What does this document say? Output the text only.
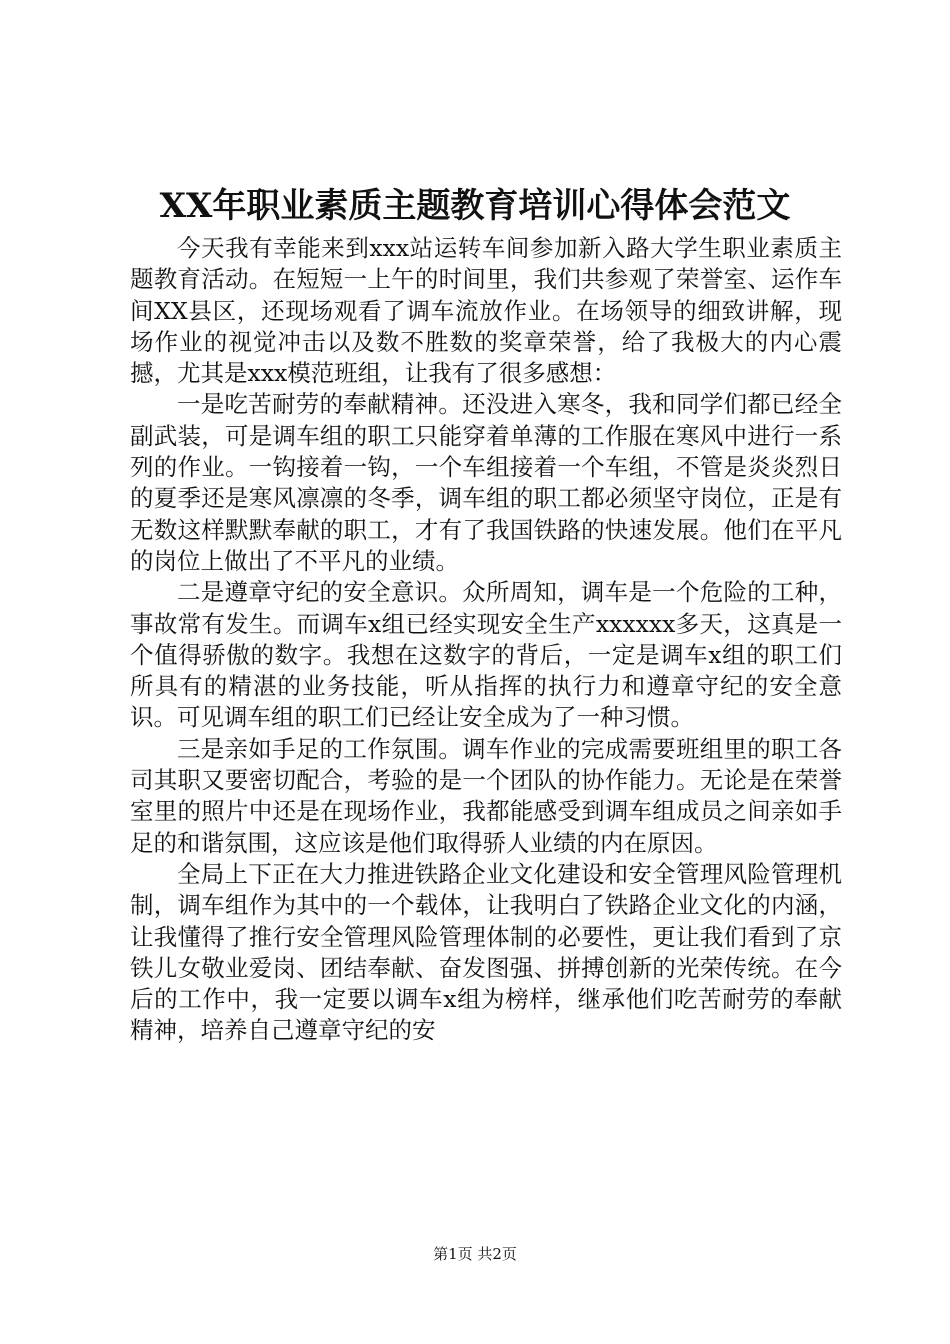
XX年职业素质主题教育培训心得体会范文

今天我有幸能来到xxx站运转车间参加新入路大学生职业素质主题教育活动。在短短一上午的时间里，我们共参观了荣誉室、运作车间XX县区，还现场观看了调车流放作业。在场领导的细致讲解，现场作业的视觉冲击以及数不胜数的奖章荣誉，给了我极大的内心震撼，尤其是xxx模范班组，让我有了很多感想：

一是吃苦耐劳的奉献精神。还没进入寒冬，我和同学们都已经全副武装，可是调车组的职工只能穿着单薄的工作服在寒风中进行一系列的作业。一钩接着一钩，一个车组接着一个车组，不管是炎炎烈日的夏季还是寒风凛凛的冬季，调车组的职工都必须坚守岗位，正是有无数这样默默奉献的职工，才有了我国铁路的快速发展。他们在平凡的岗位上做出了不平凡的业绩。

二是遵章守纪的安全意识。众所周知，调车是一个危险的工种，事故常有发生。而调车x组已经实现安全生产xxxxxx多天，这真是一个值得骄傲的数字。我想在这数字的背后，一定是调车x组的职工们所具有的精湛的业务技能，听从指挥的执行力和遵章守纪的安全意识。可见调车组的职工们已经让安全成为了一种习惯。

三是亲如手足的工作氛围。调车作业的完成需要班组里的职工各司其职又要密切配合，考验的是一个团队的协作能力。无论是在荣誉室里的照片中还是在现场作业，我都能感受到调车组成员之间亲如手足的和谐氛围，这应该是他们取得骄人业绩的内在原因。

全局上下正在大力推进铁路企业文化建设和安全管理风险管理机制，调车组作为其中的一个载体，让我明白了铁路企业文化的内涵，让我懂得了推行安全管理风险管理体制的必要性，更让我们看到了京铁儿女敬业爱岗、团结奉献、奋发图强、拼搏创新的光荣传统。在今后的工作中，我一定要以调车x组为榜样，继承他们吃苦耐劳的奉献精神，培养自己遵章守纪的安

第1页 共2页
